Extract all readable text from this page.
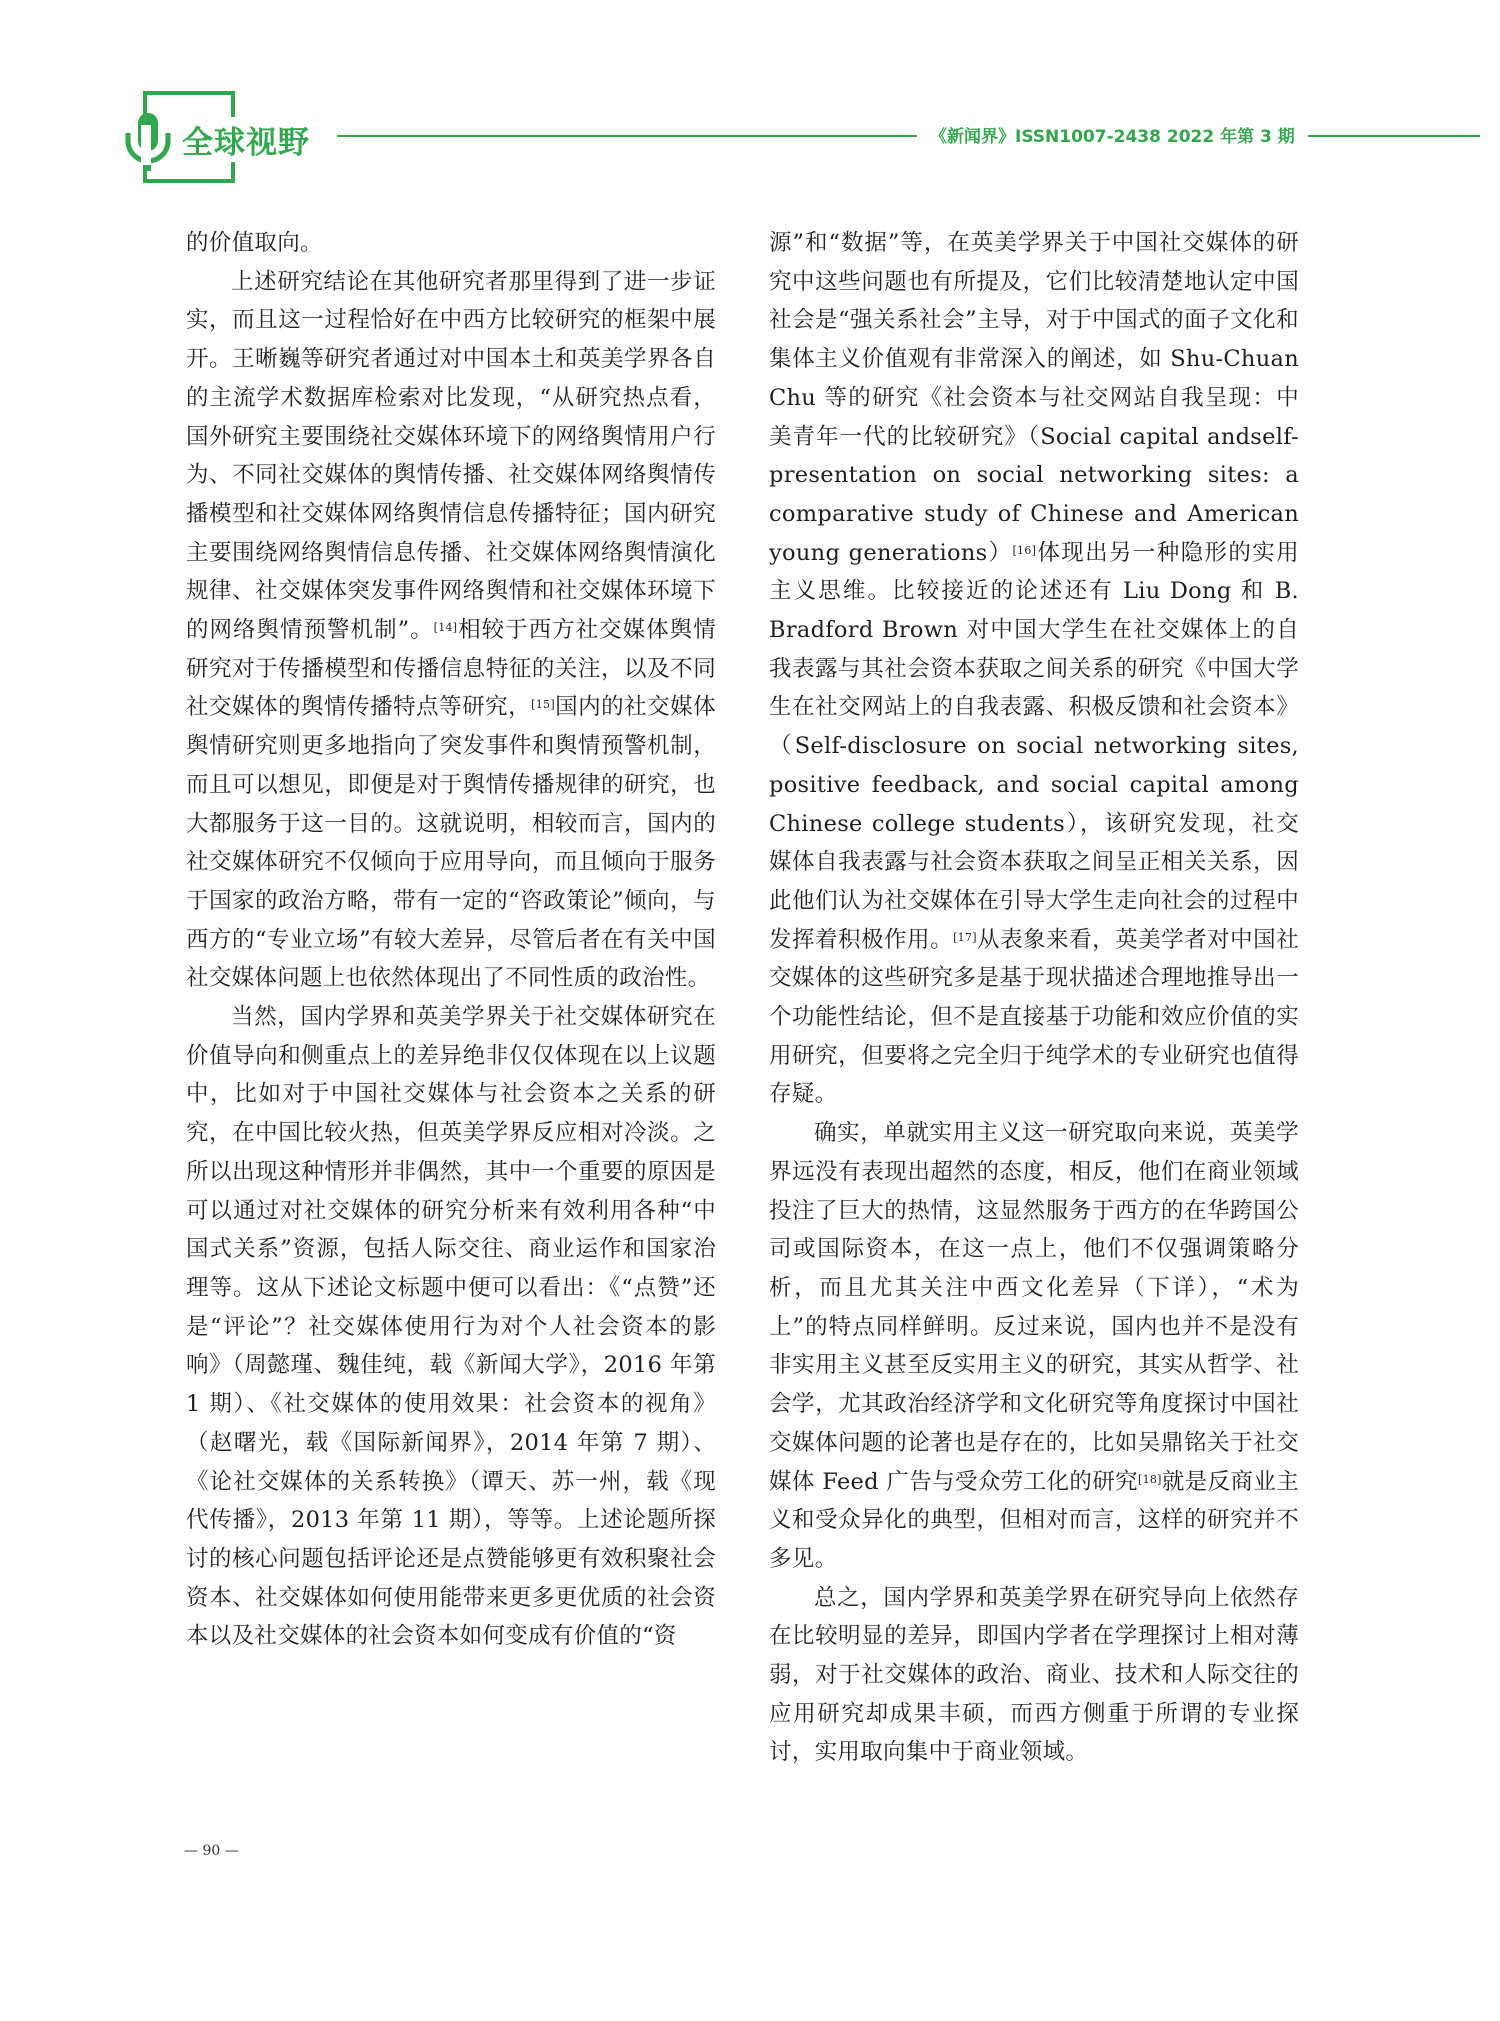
全球视野	《新闻界》ISSN1007-2438 2022 年第 3 期

的价值取向。

上述研究结论在其他研究者那里得到了进一步证实，而且这一过程恰好在中西方比较研究的框架中展开。王晰巍等研究者通过对中国本土和英美学界各自的主流学术数据库检索对比发现，“从研究热点看，国外研究主要围绕社交媒体环境下的网络舆情用户行为、不同社交媒体的舆情传播、社交媒体网络舆情传播模型和社交媒体网络舆情信息传播特征；国内研究主要围绕网络舆情信息传播、社交媒体网络舆情演化规律、社交媒体突发事件网络舆情和社交媒体环境下的网络舆情预警机制”。[14]相较于西方社交媒体舆情研究对于传播模型和传播信息特征的关注，以及不同社交媒体的舆情传播特点等研究，[15]国内的社交媒体舆情研究则更多地指向了突发事件和舆情预警机制，而且可以想见，即便是对于舆情传播规律的研究，也大都服务于这一目的。这就说明，相较而言，国内的社交媒体研究不仅倾向于应用导向，而且倾向于服务于国家的政治方略，带有一定的“咨政策论”倾向，与西方的“专业立场”有较大差异，尽管后者在有关中国社交媒体问题上也依然体现出了不同性质的政治性。

当然，国内学界和英美学界关于社交媒体研究在价值导向和侧重点上的差异绝非仅仅体现在以上议题中，比如对于中国社交媒体与社会资本之关系的研究，在中国比较火热，但英美学界反应相对冷淡。之所以出现这种情形并非偶然，其中一个重要的原因是可以通过对社交媒体的研究分析来有效利用各种“中国式关系”资源，包括人际交往、商业运作和国家治理等。这从下述论文标题中便可以看出：《“点赞”还是“评论”？社交媒体使用行为对个人社会资本的影响》（周懿瑾、魏佳纯，载《新闻大学》，2016 年第 1 期）、《社交媒体的使用效果：社会资本的视角》（赵曙光，载《国际新闻界》，2014 年第 7 期）、《论社交媒体的关系转换》（谭天、苏一州，载《现代传播》，2013 年第 11 期），等等。上述论题所探讨的核心问题包括评论还是点赞能够更有效积聚社会资本、社交媒体如何使用能带来更多更优质的社会资本以及社交媒体的社会资本如何变成有价值的“资

源”和“数据”等，在英美学界关于中国社交媒体的研究中这些问题也有所提及，它们比较清楚地认定中国社会是“强关系社会”主导，对于中国式的面子文化和集体主义价值观有非常深入的阐述，如 Shu-Chuan Chu 等的研究《社会资本与社交网站自我呈现：中美青年一代的比较研究》（Social capital andself-presentation on social networking sites: a comparative study of Chinese and American young generations）[16]体现出另一种隐形的实用主义思维。比较接近的论述还有 Liu Dong 和 B. Bradford Brown 对中国大学生在社交媒体上的自我表露与其社会资本获取之间关系的研究《中国大学生在社交网站上的自我表露、积极反馈和社会资本》（Self-disclosure on social networking sites, positive feedback, and social capital among Chinese college students），该研究发现，社交媒体自我表露与社会资本获取之间呈正相关关系，因此他们认为社交媒体在引导大学生走向社会的过程中发挥着积极作用。[17]从表象来看，英美学者对中国社交媒体的这些研究多是基于现状描述合理地推导出一个功能性结论，但不是直接基于功能和效应价值的实用研究，但要将之完全归于纯学术的专业研究也值得存疑。

确实，单就实用主义这一研究取向来说，英美学界远没有表现出超然的态度，相反，他们在商业领域投注了巨大的热情，这显然服务于西方的在华跨国公司或国际资本，在这一点上，他们不仅强调策略分析，而且尤其关注中西文化差异（下详），“术为上”的特点同样鲜明。反过来说，国内也并不是没有非实用主义甚至反实用主义的研究，其实从哲学、社会学，尤其政治经济学和文化研究等角度探讨中国社交媒体问题的论著也是存在的，比如吴鼎铭关于社交媒体 Feed 广告与受众劳工化的研究[18]就是反商业主义和受众异化的典型，但相对而言，这样的研究并不多见。

总之，国内学界和英美学界在研究导向上依然存在比较明显的差异，即国内学者在学理探讨上相对薄弱，对于社交媒体的政治、商业、技术和人际交往的应用研究却成果丰硕，而西方侧重于所谓的专业探讨，实用取向集中于商业领域。

— 90 —
